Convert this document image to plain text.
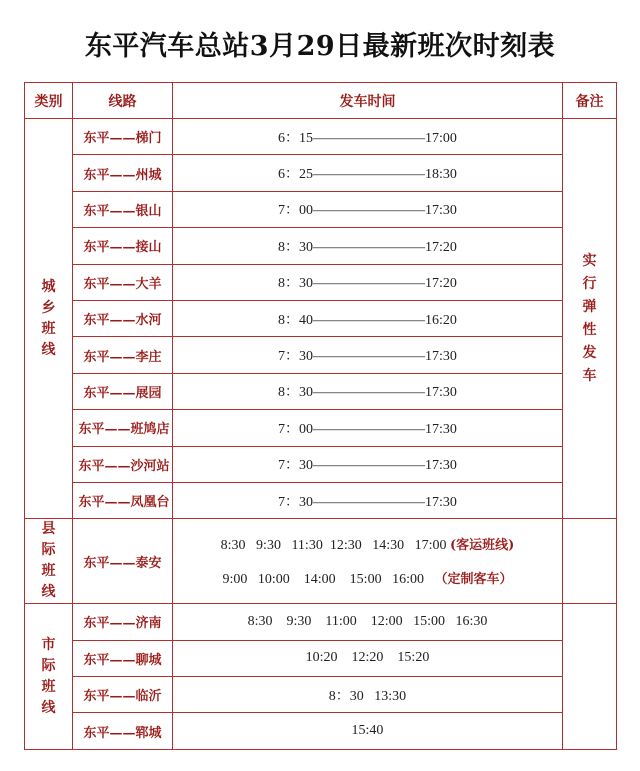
东平汽车总站3月29日最新班次时刻表
类别	线路	发车时间	备注
城乡班线	东平——梯门	6：15————————17:00	实行弹性发车
	东平——州城	6：25————————18:30	
	东平——银山	7：00————————17:30	
	东平——接山	8：30————————17:20	
	东平——大羊	8：30————————17:20	
	东平——水河	8：40————————16:20	
	东平——李庄	7：30————————17:30	
	东平——展园	8：30————————17:30	
	东平——班鸠店	7：00————————17:30	
	东平——沙河站	7：30————————17:30	
	东平——凤凰台	7：30————————17:30	
县际班线	东平——泰安	8:30   9:30   11:30  12:30   14:30   17:00 (客运班线)
9:00   10:00    14:00    15:00   16:00 （定制客车）	

市际班线	东平——济南	8:30    9:30    11:00    12:00   15:00   16:30	
	东平——聊城	10:20    12:20    15:20	
	东平——临沂	8：30   13:30	
	东平——郓城	15:40	
